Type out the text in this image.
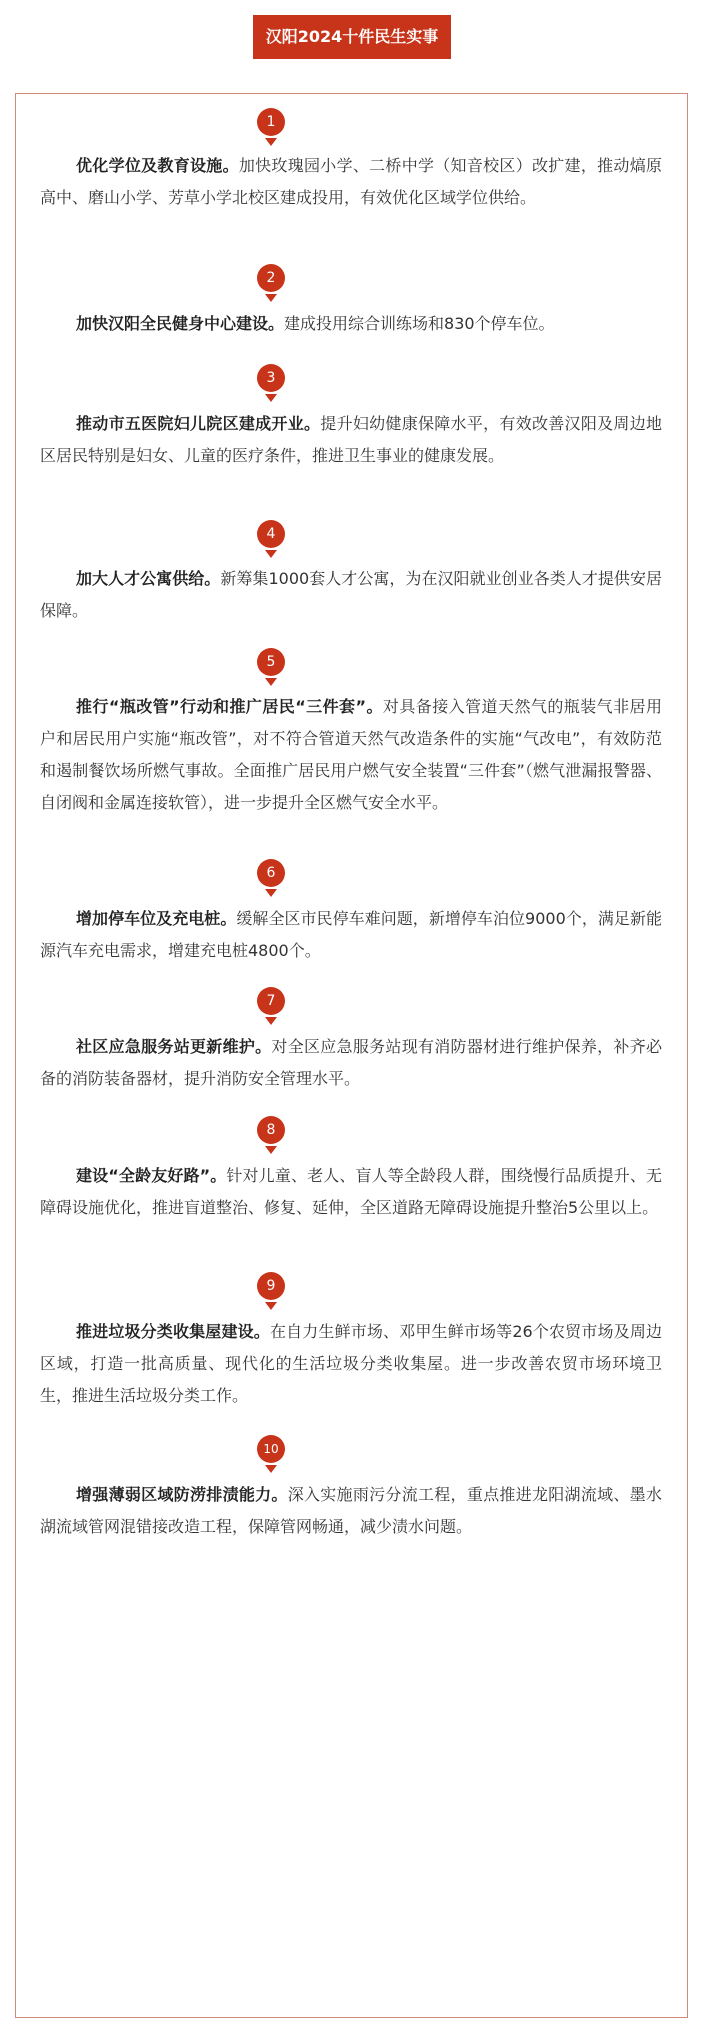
汉阳2024十件民生实事
1

优化学位及教育设施。加快玫瑰园小学、二桥中学（知音校区）改扩建，推动熇原高中、磨山小学、芳草小学北校区建成投用，有效优化区域学位供给。

2

加快汉阳全民健身中心建设。建成投用综合训练场和830个停车位。

3

推动市五医院妇儿院区建成开业。提升妇幼健康保障水平，有效改善汉阳及周边地区居民特别是妇女、儿童的医疗条件，推进卫生事业的健康发展。

4

加大人才公寓供给。新筹集1000套人才公寓，为在汉阳就业创业各类人才提供安居保障。

5

推行“瓶改管”行动和推广居民“三件套”。对具备接入管道天然气的瓶装气非居用户和居民用户实施“瓶改管”，对不符合管道天然气改造条件的实施“气改电”，有效防范和遏制餐饮场所燃气事故。全面推广居民用户燃气安全装置“三件套”（燃气泄漏报警器、自闭阀和金属连接软管），进一步提升全区燃气安全水平。

6

增加停车位及充电桩。缓解全区市民停车难问题，新增停车泊位9000个，满足新能源汽车充电需求，增建充电桩4800个。

7

社区应急服务站更新维护。对全区应急服务站现有消防器材进行维护保养，补齐必备的消防装备器材，提升消防安全管理水平。

8

建设“全龄友好路”。针对儿童、老人、盲人等全龄段人群，围绕慢行品质提升、无障碍设施优化，推进盲道整治、修复、延伸，全区道路无障碍设施提升整治5公里以上。

9

推进垃圾分类收集屋建设。在自力生鲜市场、邓甲生鲜市场等26个农贸市场及周边区域，打造一批高质量、现代化的生活垃圾分类收集屋。进一步改善农贸市场环境卫生，推进生活垃圾分类工作。

10

增强薄弱区域防涝排渍能力。深入实施雨污分流工程，重点推进龙阳湖流域、墨水湖流域管网混错接改造工程，保障管网畅通，减少渍水问题。
